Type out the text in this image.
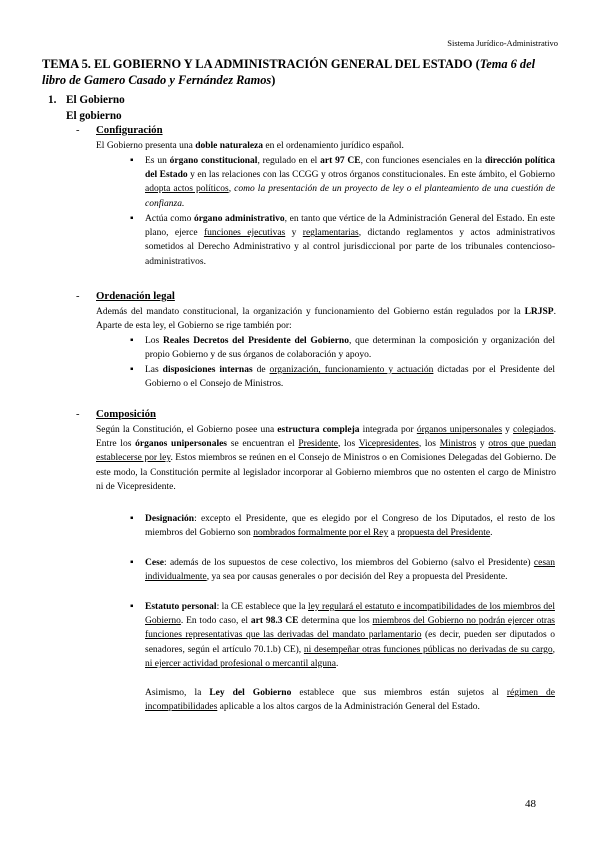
Sistema Jurídico-Administrativo
TEMA 5. EL GOBIERNO Y LA ADMINISTRACIÓN GENERAL DEL ESTADO (Tema 6 del libro de Gamero Casado y Fernández Ramos)
1. El Gobierno
El gobierno
- Configuración
El Gobierno presenta una doble naturaleza en el ordenamiento jurídico español.
▪ Es un órgano constitucional, regulado en el art 97 CE, con funciones esenciales en la dirección política del Estado y en las relaciones con las CCGG y otros órganos constitucionales. En este ámbito, el Gobierno adopta actos políticos, como la presentación de un proyecto de ley o el planteamiento de una cuestión de confianza.
▪ Actúa como órgano administrativo, en tanto que vértice de la Administración General del Estado. En este plano, ejerce funciones ejecutivas y reglamentarias, dictando reglamentos y actos administrativos sometidos al Derecho Administrativo y al control jurisdiccional por parte de los tribunales contencioso-administrativos.
- Ordenación legal
Además del mandato constitucional, la organización y funcionamiento del Gobierno están regulados por la LRJSP. Aparte de esta ley, el Gobierno se rige también por:
▪ Los Reales Decretos del Presidente del Gobierno, que determinan la composición y organización del propio Gobierno y de sus órganos de colaboración y apoyo.
▪ Las disposiciones internas de organización, funcionamiento y actuación dictadas por el Presidente del Gobierno o el Consejo de Ministros.
- Composición
Según la Constitución, el Gobierno posee una estructura compleja integrada por órganos unipersonales y colegiados. Entre los órganos unipersonales se encuentran el Presidente, los Vicepresidentes, los Ministros y otros que puedan establecerse por ley. Estos miembros se reúnen en el Consejo de Ministros o en Comisiones Delegadas del Gobierno. De este modo, la Constitución permite al legislador incorporar al Gobierno miembros que no ostenten el cargo de Ministro ni de Vicepresidente.
▪ Designación: excepto el Presidente, que es elegido por el Congreso de los Diputados, el resto de los miembros del Gobierno son nombrados formalmente por el Rey a propuesta del Presidente.
▪ Cese: además de los supuestos de cese colectivo, los miembros del Gobierno (salvo el Presidente) cesan individualmente, ya sea por causas generales o por decisión del Rey a propuesta del Presidente.
▪ Estatuto personal: la CE establece que la ley regulará el estatuto e incompatibilidades de los miembros del Gobierno. En todo caso, el art 98.3 CE determina que los miembros del Gobierno no podrán ejercer otras funciones representativas que las derivadas del mandato parlamentario (es decir, pueden ser diputados o senadores, según el artículo 70.1.b) CE), ni desempeñar otras funciones públicas no derivadas de su cargo, ni ejercer actividad profesional o mercantil alguna.
Asimismo, la Ley del Gobierno establece que sus miembros están sujetos al régimen de incompatibilidades aplicable a los altos cargos de la Administración General del Estado.
48
